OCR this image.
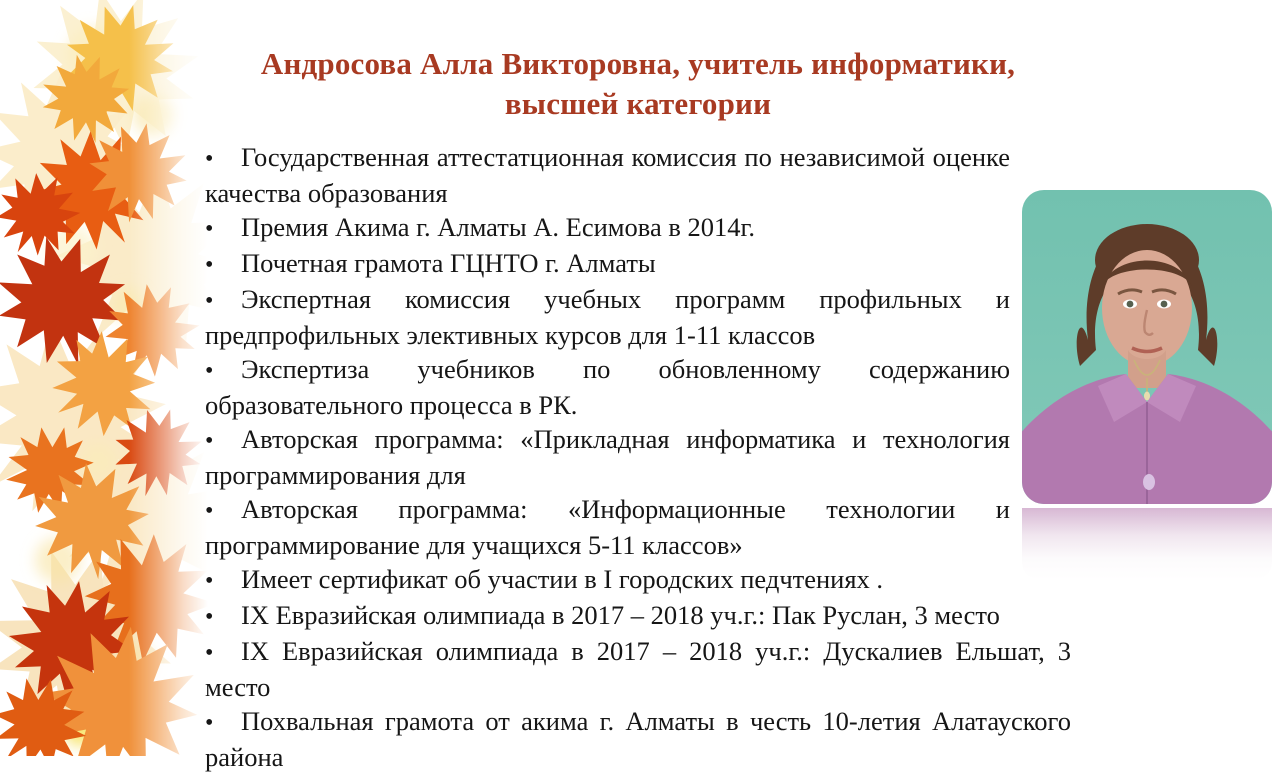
Андросова Алла Викторовна, учитель информатики,
высшей категории
• Государственная аттестатционная комиссия по независимой оценке качества образования
• Премия Акима г. Алматы А. Есимова в 2014г.
• Почетная грамота ГЦНТО г. Алматы
• Экспертная комиссия учебных программ профильных и предпрофильных элективных курсов для 1-11 классов
• Экспертиза учебников по обновленному содержанию образовательного процесса в РК.
• Авторская программа: «Прикладная информатика и технология программирования для
• Авторская программа: «Информационные технологии и программирование для учащихся 5-11 классов»
• Имеет сертификат об участии в I городских педчтениях .
• IX Евразийская олимпиада в 2017 – 2018 уч.г.: Пак Руслан, 3 место
• IX Евразийская олимпиада в 2017 – 2018 уч.г.: Дускалиев Ельшат, 3 место
• Похвальная грамота от акима г. Алматы в честь 10-летия Алатауского района
